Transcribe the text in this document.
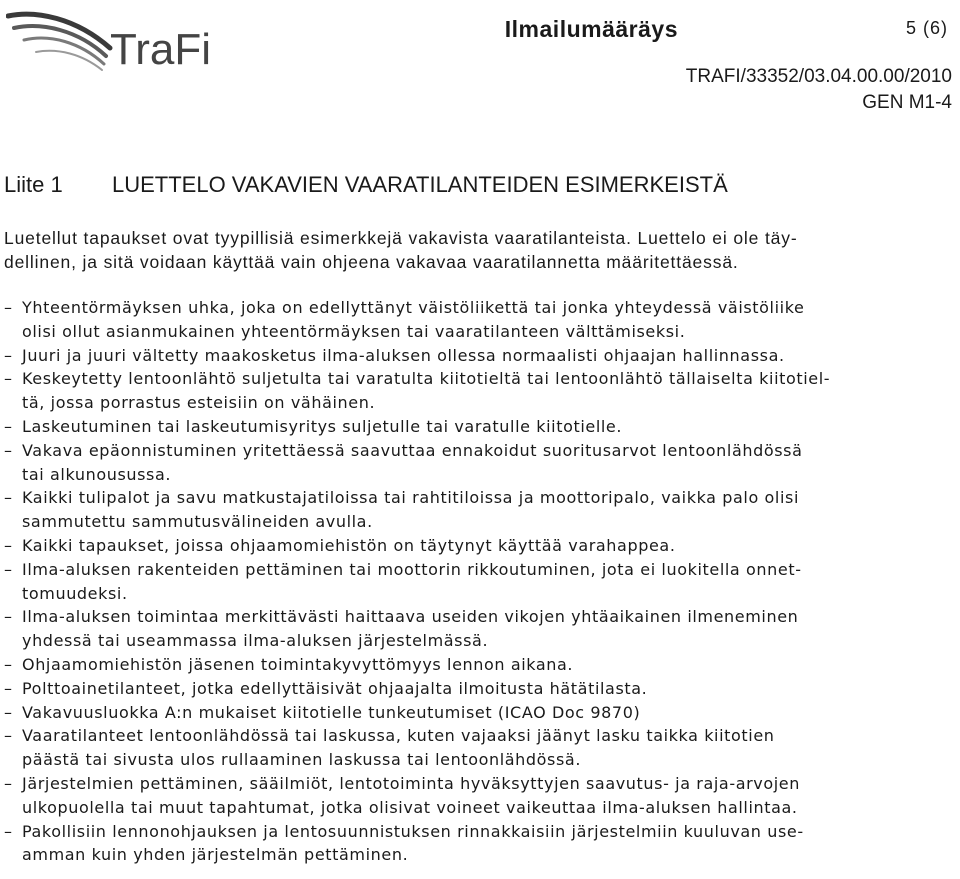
TraFi	Ilmailumääräys	5 (6)
TRAFI/33352/03.04.00.00/2010
GEN M1-4
Liite 1 LUETTELO VAKAVIEN VAARATILANTEIDEN ESIMERKEISTÄ
Luetellut tapaukset ovat tyypillisiä esimerkkejä vakavista vaaratilanteista. Luettelo ei ole täy-
dellinen, ja sitä voidaan käyttää vain ohjeena vakavaa vaaratilannetta määritettäessä.
– Yhteentörmäyksen uhka, joka on edellyttänyt väistöliikettä tai jonka yhteydessä väistöliike
olisi ollut asianmukainen yhteentörmäyksen tai vaaratilanteen välttämiseksi.
– Juuri ja juuri vältetty maakosketus ilma-aluksen ollessa normaalisti ohjaajan hallinnassa.
– Keskeytetty lentoonlähtö suljetulta tai varatulta kiitotieltä tai lentoonlähtö tällaiselta kiitotiel-
tä, jossa porrastus esteisiin on vähäinen.
– Laskeutuminen tai laskeutumisyritys suljetulle tai varatulle kiitotielle.
– Vakava epäonnistuminen yritettäessä saavuttaa ennakoidut suoritusarvot lentoonlähdössä
tai alkunousussa.
– Kaikki tulipalot ja savu matkustajatiloissa tai rahtitiloissa ja moottoripalo, vaikka palo olisi
sammutettu sammutusvälineiden avulla.
– Kaikki tapaukset, joissa ohjaamomiehistön on täytynyt käyttää varahappea.
– Ilma-aluksen rakenteiden pettäminen tai moottorin rikkoutuminen, jota ei luokitella onnet-
tomuudeksi.
– Ilma-aluksen toimintaa merkittävästi haittaava useiden vikojen yhtäaikainen ilmeneminen
yhdessä tai useammassa ilma-aluksen järjestelmässä.
– Ohjaamomiehistön jäsenen toimintakyvyttömyys lennon aikana.
– Polttoainetilanteet, jotka edellyttäisivät ohjaajalta ilmoitusta hätätilasta.
– Vakavuusluokka A:n mukaiset kiitotielle tunkeutumiset (ICAO Doc 9870)
– Vaaratilanteet lentoonlähdössä tai laskussa, kuten vajaaksi jäänyt lasku taikka kiitotien
päästä tai sivusta ulos rullaaminen laskussa tai lentoonlähdössä.
– Järjestelmien pettäminen, sääilmiöt, lentotoiminta hyväksyttyjen saavutus- ja raja-arvojen
ulkopuolella tai muut tapahtumat, jotka olisivat voineet vaikeuttaa ilma-aluksen hallintaa.
– Pakollisiin lennonohjauksen ja lentosuunnistuksen rinnakkaisiin järjestelmiin kuuluvan use-
amman kuin yhden järjestelmän pettäminen.
